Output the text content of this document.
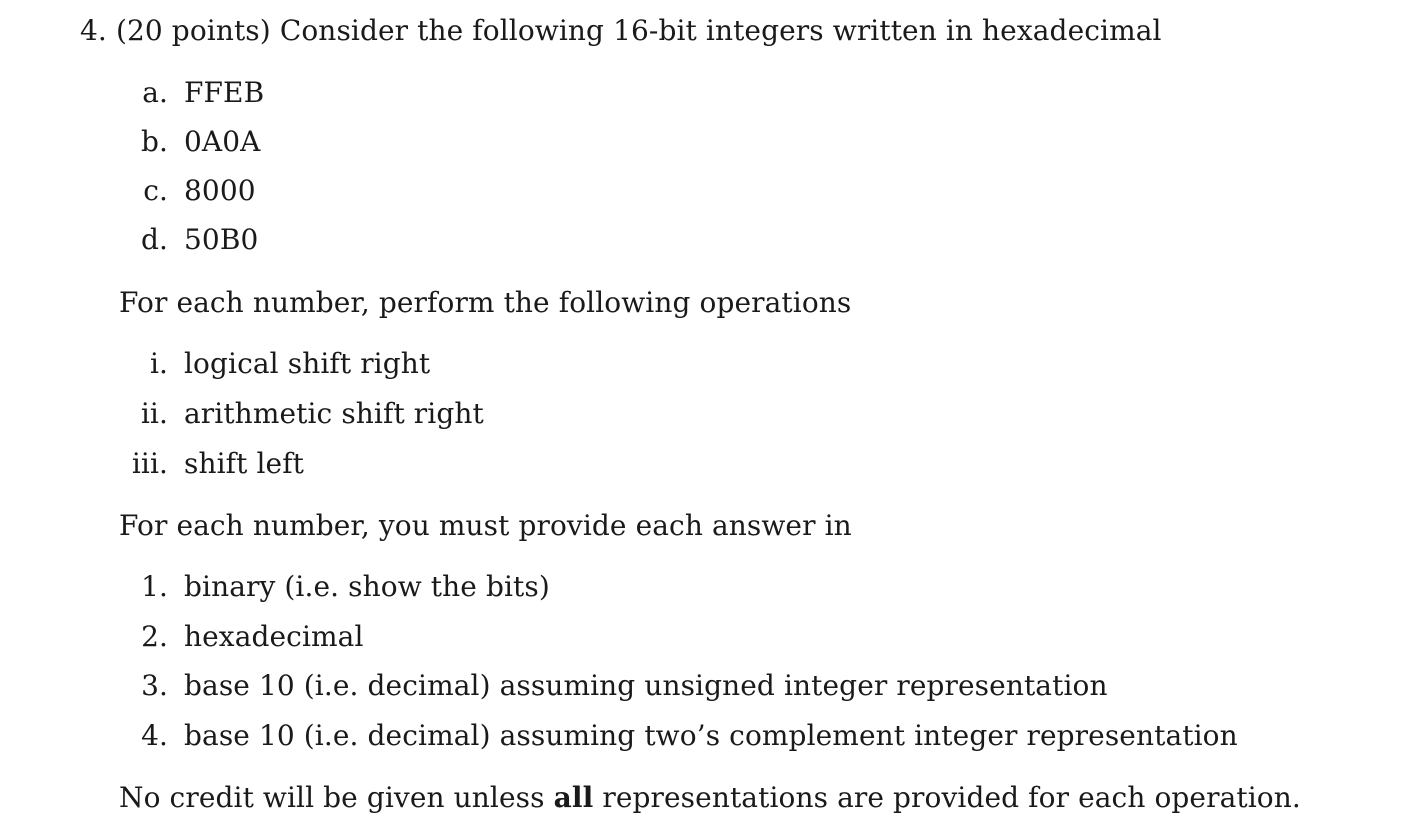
4. (20 points) Consider the following 16-bit integers written in hexadecimal
a. FFEB
b. 0A0A
c. 8000
d. 50B0
For each number, perform the following operations
i. logical shift right
ii. arithmetic shift right
iii. shift left
For each number, you must provide each answer in
1. binary (i.e. show the bits)
2. hexadecimal
3. base 10 (i.e. decimal) assuming unsigned integer representation
4. base 10 (i.e. decimal) assuming two’s complement integer representation
No credit will be given unless all representations are provided for each operation.
